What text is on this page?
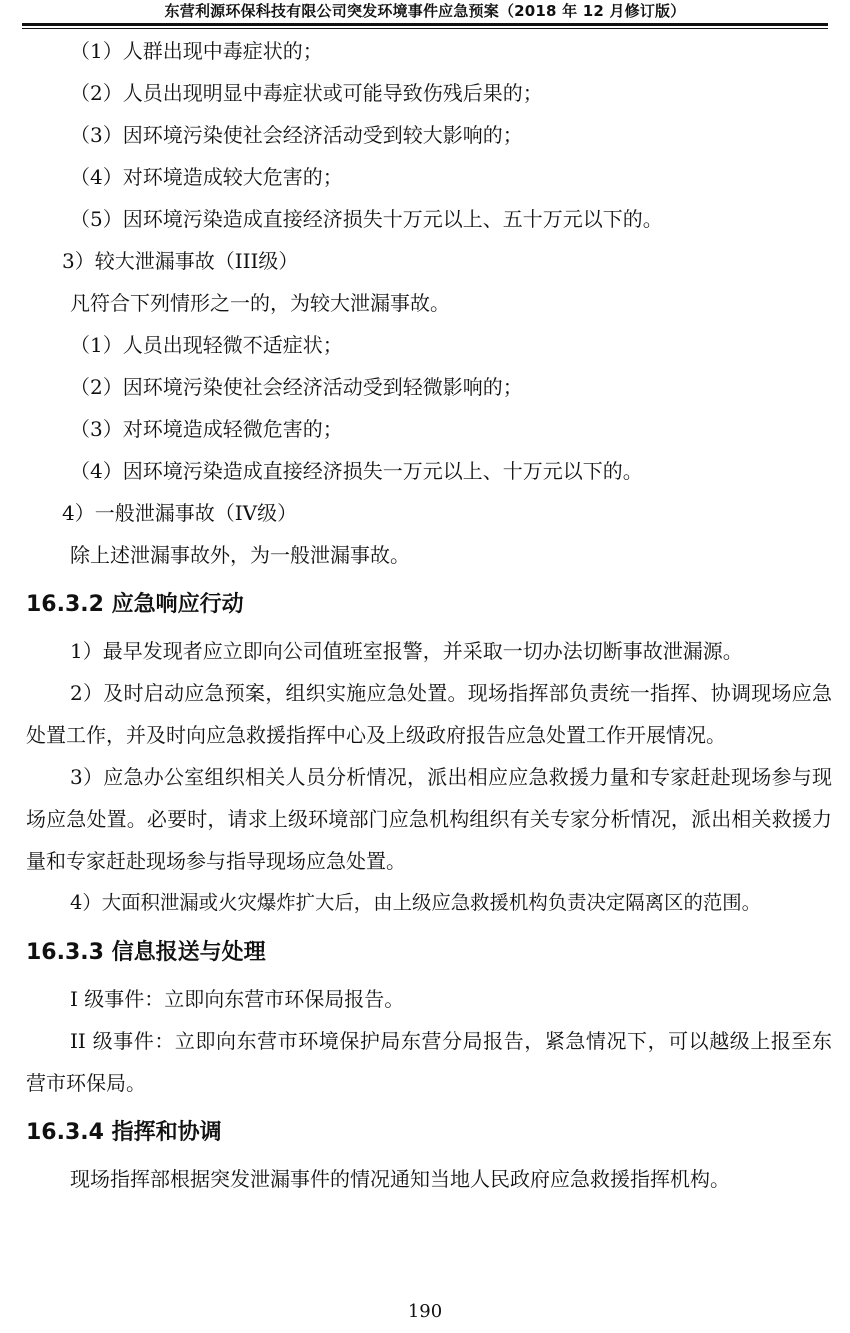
东营利源环保科技有限公司突发环境事件应急预案（2018 年 12 月修订版）

（1）人群出现中毒症状的；

（2）人员出现明显中毒症状或可能导致伤残后果的；

（3）因环境污染使社会经济活动受到较大影响的；

（4）对环境造成较大危害的；

（5）因环境污染造成直接经济损失十万元以上、五十万元以下的。

3）较大泄漏事故（III级）

凡符合下列情形之一的，为较大泄漏事故。

（1）人员出现轻微不适症状；

（2）因环境污染使社会经济活动受到轻微影响的；

（3）对环境造成轻微危害的；

（4）因环境污染造成直接经济损失一万元以上、十万元以下的。

4）一般泄漏事故（IV级）

除上述泄漏事故外，为一般泄漏事故。

16.3.2 应急响应行动

1）最早发现者应立即向公司值班室报警，并采取一切办法切断事故泄漏源。

2）及时启动应急预案，组织实施应急处置。现场指挥部负责统一指挥、协调现场应急处置工作，并及时向应急救援指挥中心及上级政府报告应急处置工作开展情况。

3）应急办公室组织相关人员分析情况，派出相应应急救援力量和专家赶赴现场参与现场应急处置。必要时，请求上级环境部门应急机构组织有关专家分析情况，派出相关救援力量和专家赶赴现场参与指导现场应急处置。

4）大面积泄漏或火灾爆炸扩大后，由上级应急救援机构负责决定隔离区的范围。

16.3.3 信息报送与处理

I 级事件：立即向东营市环保局报告。

II 级事件：立即向东营市环境保护局东营分局报告，紧急情况下，可以越级上报至东营市环保局。

16.3.4 指挥和协调

现场指挥部根据突发泄漏事件的情况通知当地人民政府应急救援指挥机构。

190
